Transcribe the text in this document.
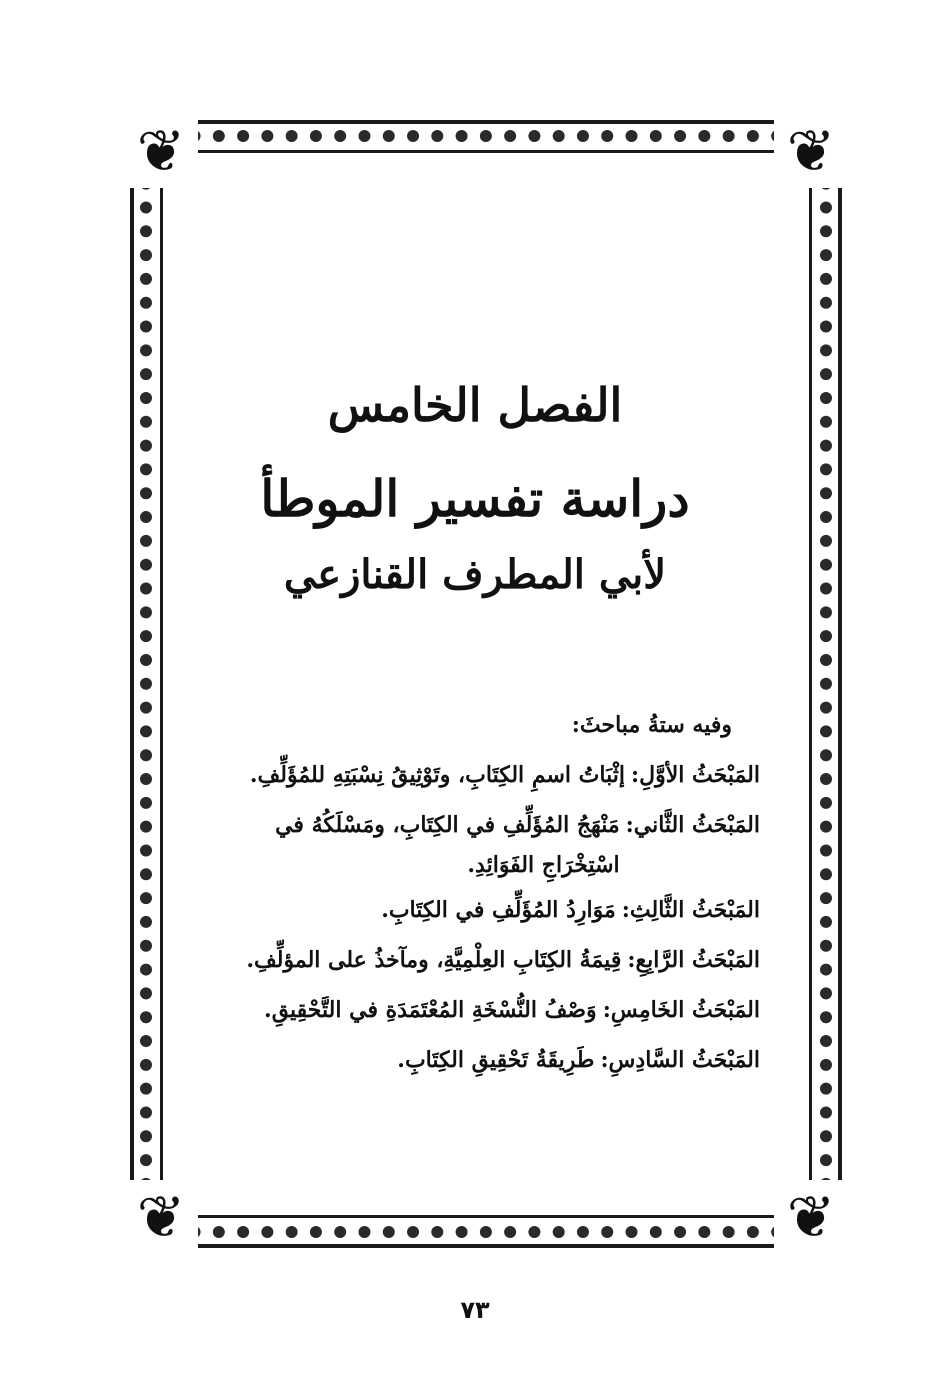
❦	❦
❦	❦
الفصل الخامس
دراسة تفسير الموطأ
لأبي المطرف القنازعي
وفيه ستةُ مباحثَ:
المَبْحَثُ الأوَّلِ:
إثْبَاتُ اسمِ الكِتَابِ، وتَوْثِيقُ نِسْبَتِهِ للمُؤَلِّفِ.
المَبْحَثُ الثَّاني:
مَنْهَجُ المُؤَلِّفِ في الكِتَابِ، ومَسْلَكُهُ في اسْتِخْرَاجِ الفَوَائِدِ.
المَبْحَثُ الثَّالِثِ:
مَوَارِدُ المُؤَلِّفِ في الكِتَابِ.
المَبْحَثُ الرَّابِعِ:
قِيمَةُ الكِتَابِ العِلْمِيَّةِ، ومآخذُ على المؤلِّفِ.
المَبْحَثُ الخَامِسِ:
وَصْفُ النُّسْخَةِ المُعْتَمَدَةِ في التَّحْقِيقِ.
المَبْحَثُ السَّادِسِ:
طَرِيقَةُ تَحْقِيقِ الكِتَابِ.
٧٣
